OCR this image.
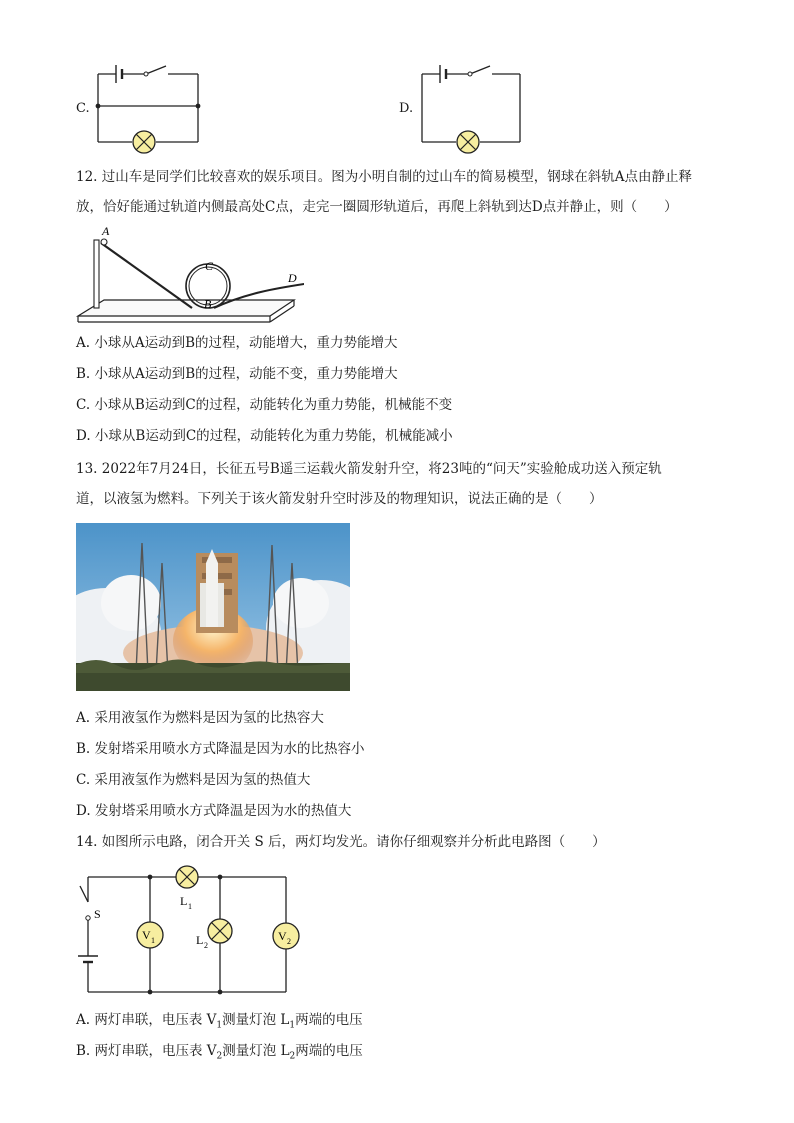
C.	D.
12. 过山车是同学们比较喜欢的娱乐项目。图为小明自制的过山车的简易模型，钢球在斜轨A点由静止释
放，恰好能通过轨道内侧最高处C点，走完一圈圆形轨道后，再爬上斜轨到达D点并静止，则（　　）
A
B
C
D
A. 小球从A运动到B的过程，动能增大，重力势能增大
B. 小球从A运动到B的过程，动能不变，重力势能增大
C. 小球从B运动到C的过程，动能转化为重力势能，机械能不变
D. 小球从B运动到C的过程，动能转化为重力势能，机械能减小
13. 2022年7月24日，长征五号B遥三运载火箭发射升空，将23吨的“问天”实验舱成功送入预定轨
道，以液氢为燃料。下列关于该火箭发射升空时涉及的物理知识，说法正确的是（　　）
A. 采用液氢作为燃料是因为氢的比热容大
B. 发射塔采用喷水方式降温是因为水的比热容小
C. 采用液氢作为燃料是因为氢的热值大
D. 发射塔采用喷水方式降温是因为水的热值大
14. 如图所示电路，闭合开关 S 后，两灯均发光。请你仔细观察并分析此电路图（　　）
S
L 1
L 2
V 1	V 2
A. 两灯串联，电压表 $V_1$测量灯泡 $L_1$两端的电压
B. 两灯串联，电压表 $V_2$测量灯泡 $L_2$两端的电压
